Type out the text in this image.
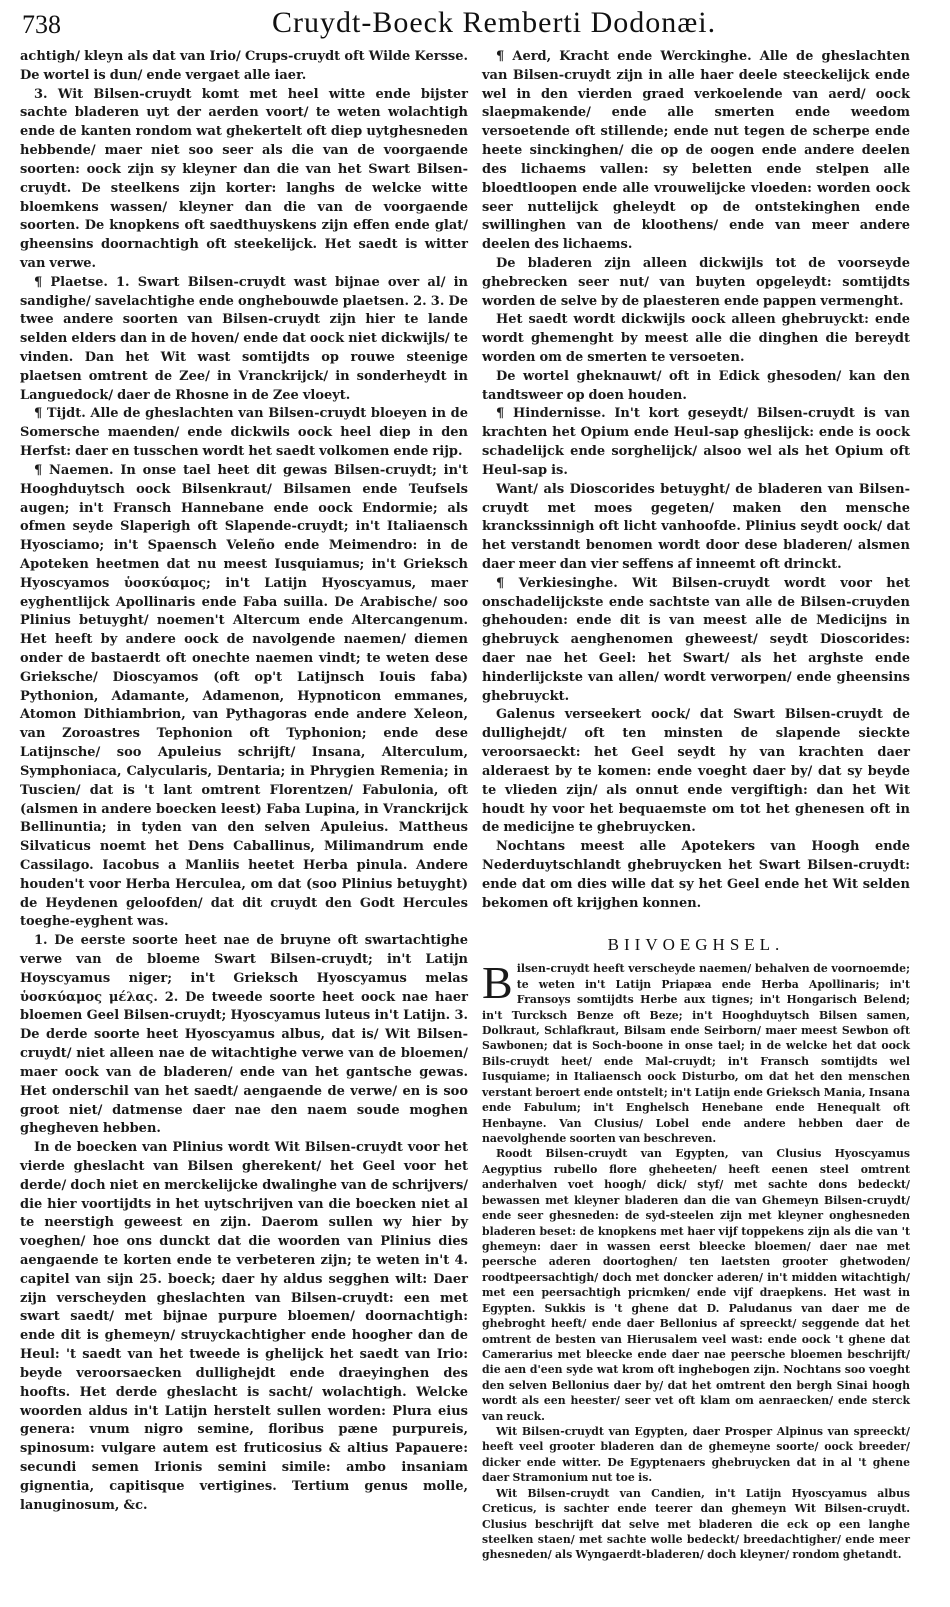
738	Cruydt-Boeck Remberti Dodonæi.

achtigh/ kleyn als dat van Irio/ Crups-cruydt oft Wilde Kersse. De wortel is dun/ ende vergaet alle iaer.

3. Wit Bilsen-cruydt komt met heel witte ende bijster sachte bladeren uyt der aerden voort/ te weten wolachtigh ende de kanten rondom wat ghekertelt oft diep uytghesneden hebbende/ maer niet soo seer als die van de voorgaende soorten: oock zijn sy kleyner dan die van het Swart Bilsen-cruydt. De steelkens zijn korter: langhs de welcke witte bloemkens wassen/ kleyner dan die van de voorgaende soorten. De knopkens oft saedthuyskens zijn effen ende glat/ gheensins doornachtigh oft steekelijck. Het saedt is witter van verwe.

¶ Plaetse. 1. Swart Bilsen-cruydt wast bijnae over al/ in sandighe/ savelachtighe ende onghebouwde plaetsen. 2. 3. De twee andere soorten van Bilsen-cruydt zijn hier te lande selden elders dan in de hoven/ ende dat oock niet dickwijls/ te vinden. Dan het Wit wast somtijdts op rouwe steenige plaetsen omtrent de Zee/ in Vranckrijck/ in sonderheydt in Languedock/ daer de Rhosne in de Zee vloeyt.

¶ Tijdt. Alle de gheslachten van Bilsen-cruydt bloeyen in de Somersche maenden/ ende dickwils oock heel diep in den Herfst: daer en tusschen wordt het saedt volkomen ende rijp.

¶ Naemen. In onse tael heet dit gewas Bilsen-cruydt; in't Hooghduytsch oock Bilsenkraut/ Bilsamen ende Teufsels augen; in't Fransch Hannebane ende oock Endormie; als ofmen seyde Slaperigh oft Slapende-cruydt; in't Italiaensch Hyosciamo; in't Spaensch Veleño ende Meimendro: in de Apoteken heetmen dat nu meest Iusquiamus; in't Grieksch Hyoscyamos ὑοσκύαμος; in't Latijn Hyoscyamus, maer eyghentlijck Apollinaris ende Faba suilla. De Arabische/ soo Plinius betuyght/ noemen't Altercum ende Altercangenum. Het heeft by andere oock de navolgende naemen/ diemen onder de bastaerdt oft onechte naemen vindt; te weten dese Grieksche/ Dioscyamos (oft op't Latijnsch Iouis faba) Pythonion, Adamante, Adamenon, Hypnoticon emmanes, Atomon Dithiambrion, van Pythagoras ende andere Xeleon, van Zoroastres Tephonion oft Typhonion; ende dese Latijnsche/ soo Apuleius schrijft/ Insana, Alterculum, Symphoniaca, Calycularis, Dentaria; in Phrygien Remenia; in Tuscien/ dat is 't lant omtrent Florentzen/ Fabulonia, oft (alsmen in andere boecken leest) Faba Lupina, in Vranckrijck Bellinuntia; in tyden van den selven Apuleius. Mattheus Silvaticus noemt het Dens Caballinus, Milimandrum ende Cassilago. Iacobus a Manliis heetet Herba pinula. Andere houden't voor Herba Herculea, om dat (soo Plinius betuyght) de Heydenen geloofden/ dat dit cruydt den Godt Hercules toeghe-eyghent was.

1. De eerste soorte heet nae de bruyne oft swartachtighe verwe van de bloeme Swart Bilsen-cruydt; in't Latijn Hoyscyamus niger; in't Grieksch Hyoscyamus melas ὑοσκύαμος μέλας. 2. De tweede soorte heet oock nae haer bloemen Geel Bilsen-cruydt; Hyoscyamus luteus in't Latijn. 3. De derde soorte heet Hyoscyamus albus, dat is/ Wit Bilsen-cruydt/ niet alleen nae de witachtighe verwe van de bloemen/ maer oock van de bladeren/ ende van het gantsche gewas. Het onderschil van het saedt/ aengaende de verwe/ en is soo groot niet/ datmense daer nae den naem soude moghen ghegheven hebben.

In de boecken van Plinius wordt Wit Bilsen-cruydt voor het vierde gheslacht van Bilsen gherekent/ het Geel voor het derde/ doch niet en merckelijcke dwalinghe van de schrijvers/ die hier voortijdts in het uytschrijven van die boecken niet al te neerstigh geweest en zijn. Daerom sullen wy hier by voeghen/ hoe ons dunckt dat die woorden van Plinius dies aengaende te korten ende te verbeteren zijn; te weten in't 4. capitel van sijn 25. boeck; daer hy aldus segghen wilt: Daer zijn verscheyden gheslachten van Bilsen-cruydt: een met swart saedt/ met bijnae purpure bloemen/ doornachtigh: ende dit is ghemeyn/ struyckachtigher ende hoogher dan de Heul: 't saedt van het tweede is ghelijck het saedt van Irio: beyde veroorsaecken dullighejdt ende draeyinghen des hoofts. Het derde gheslacht is sacht/ wolachtigh. Welcke woorden aldus in't Latijn herstelt sullen worden: Plura eius genera: vnum nigro semine, floribus pæne purpureis, spinosum: vulgare autem est fruticosius & altius Papauere: secundi semen Irionis semini simile: ambo insaniam gignentia, capitisque vertigines. Tertium genus molle, lanuginosum, &c.

¶ Aerd, Kracht ende Werckinghe. Alle de gheslachten van Bilsen-cruydt zijn in alle haer deele steeckelijck ende wel in den vierden graed verkoelende van aerd/ oock slaepmakende/ ende alle smerten ende weedom versoetende oft stillende; ende nut tegen de scherpe ende heete sinckinghen/ die op de oogen ende andere deelen des lichaems vallen: sy beletten ende stelpen alle bloedtloopen ende alle vrouwelijcke vloeden: worden oock seer nuttelijck gheleydt op de ontstekinghen ende swillinghen van de kloothens/ ende van meer andere deelen des lichaems.

De bladeren zijn alleen dickwijls tot de voorseyde ghebrecken seer nut/ van buyten opgeleydt: somtijdts worden de selve by de plaesteren ende pappen vermenght.

Het saedt wordt dickwijls oock alleen ghebruyckt: ende wordt ghemenght by meest alle die dinghen die bereydt worden om de smerten te versoeten.

De wortel gheknauwt/ oft in Edick ghesoden/ kan den tandtsweer op doen houden.

¶ Hindernisse. In't kort geseydt/ Bilsen-cruydt is van krachten het Opium ende Heul-sap gheslijck: ende is oock schadelijck ende sorghelijck/ alsoo wel als het Opium oft Heul-sap is.

Want/ als Dioscorides betuyght/ de bladeren van Bilsen-cruydt met moes gegeten/ maken den mensche kranckssinnigh oft licht vanhoofde. Plinius seydt oock/ dat het verstandt benomen wordt door dese bladeren/ alsmen daer meer dan vier seffens af inneemt oft drinckt.

¶ Verkiesinghe. Wit Bilsen-cruydt wordt voor het onschadelijckste ende sachtste van alle de Bilsen-cruyden ghehouden: ende dit is van meest alle de Medicijns in ghebruyck aenghenomen gheweest/ seydt Dioscorides: daer nae het Geel: het Swart/ als het arghste ende hinderlijckste van allen/ wordt verworpen/ ende gheensins ghebruyckt.

Galenus verseekert oock/ dat Swart Bilsen-cruydt de dullighejdt/ oft ten minsten de slapende sieckte veroorsaeckt: het Geel seydt hy van krachten daer alderaest by te komen: ende voeght daer by/ dat sy beyde te vlieden zijn/ als onnut ende vergiftigh: dan het Wit houdt hy voor het bequaemste om tot het ghenesen oft in de medicijne te ghebruycken.

Nochtans meest alle Apotekers van Hoogh ende Nederduytschlandt ghebruycken het Swart Bilsen-cruydt: ende dat om dies wille dat sy het Geel ende het Wit selden bekomen oft krijghen konnen.

BIIVOEGHSEL.

Bilsen-cruydt heeft verscheyde naemen/ behalven de voornoemde; te weten in't Latijn Priapæa ende Herba Apollinaris; in't Fransoys somtijdts Herbe aux tignes; in't Hongarisch Belend; in't Turcksch Benze oft Beze; in't Hooghduytsch Bilsen samen, Dolkraut, Schlafkraut, Bilsam ende Seirborn/ maer meest Sewbon oft Sawbonen; dat is Soch-boone in onse tael; in de welcke het dat oock Bils-cruydt heet/ ende Mal-cruydt; in't Fransch somtijdts wel Iusquiame; in Italiaensch oock Disturbo, om dat het den menschen verstant beroert ende ontstelt; in't Latijn ende Grieksch Mania, Insana ende Fabulum; in't Enghelsch Henebane ende Henequalt oft Henbayne. Van Clusius/ Lobel ende andere hebben daer de naevolghende soorten van beschreven.

Roodt Bilsen-cruydt van Egypten, van Clusius Hyoscyamus Aegyptius rubello flore gheheeten/ heeft eenen steel omtrent anderhalven voet hoogh/ dick/ styf/ met sachte dons bedeckt/ bewassen met kleyner bladeren dan die van Ghemeyn Bilsen-cruydt/ ende seer ghesneden: de syd-steelen zijn met kleyner onghesneden bladeren beset: de knopkens met haer vijf toppekens zijn als die van 't ghemeyn: daer in wassen eerst bleecke bloemen/ daer nae met peersche aderen doortoghen/ ten laetsten grooter ghetwoden/ roodtpeersachtigh/ doch met doncker aderen/ in't midden witachtigh/ met een peersachtigh pricmken/ ende vijf draepkens. Het wast in Egypten. Sukkis is 't ghene dat D. Paludanus van daer me de ghebroght heeft/ ende daer Bellonius af spreeckt/ seggende dat het omtrent de besten van Hierusalem veel wast: ende oock 't ghene dat Camerarius met bleecke ende daer nae peersche bloemen beschrijft/ die aen d'een syde wat krom oft inghebogen zijn. Nochtans soo voeght den selven Bellonius daer by/ dat het omtrent den bergh Sinai hoogh wordt als een heester/ seer vet oft klam om aenraecken/ ende sterck van reuck.

Wit Bilsen-cruydt van Egypten, daer Prosper Alpinus van spreeckt/ heeft veel grooter bladeren dan de ghemeyne soorte/ oock breeder/ dicker ende witter. De Egyptenaers ghebruycken dat in al 't ghene daer Stramonium nut toe is.

Wit Bilsen-cruydt van Candien, in't Latijn Hyoscyamus albus Creticus, is sachter ende teerer dan ghemeyn Wit Bilsen-cruydt. Clusius beschrijft dat selve met bladeren die eck op een langhe steelken staen/ met sachte wolle bedeckt/ breedachtigher/ ende meer ghesneden/ als Wyngaerdt-bladeren/ doch kleyner/ rondom ghetandt.
